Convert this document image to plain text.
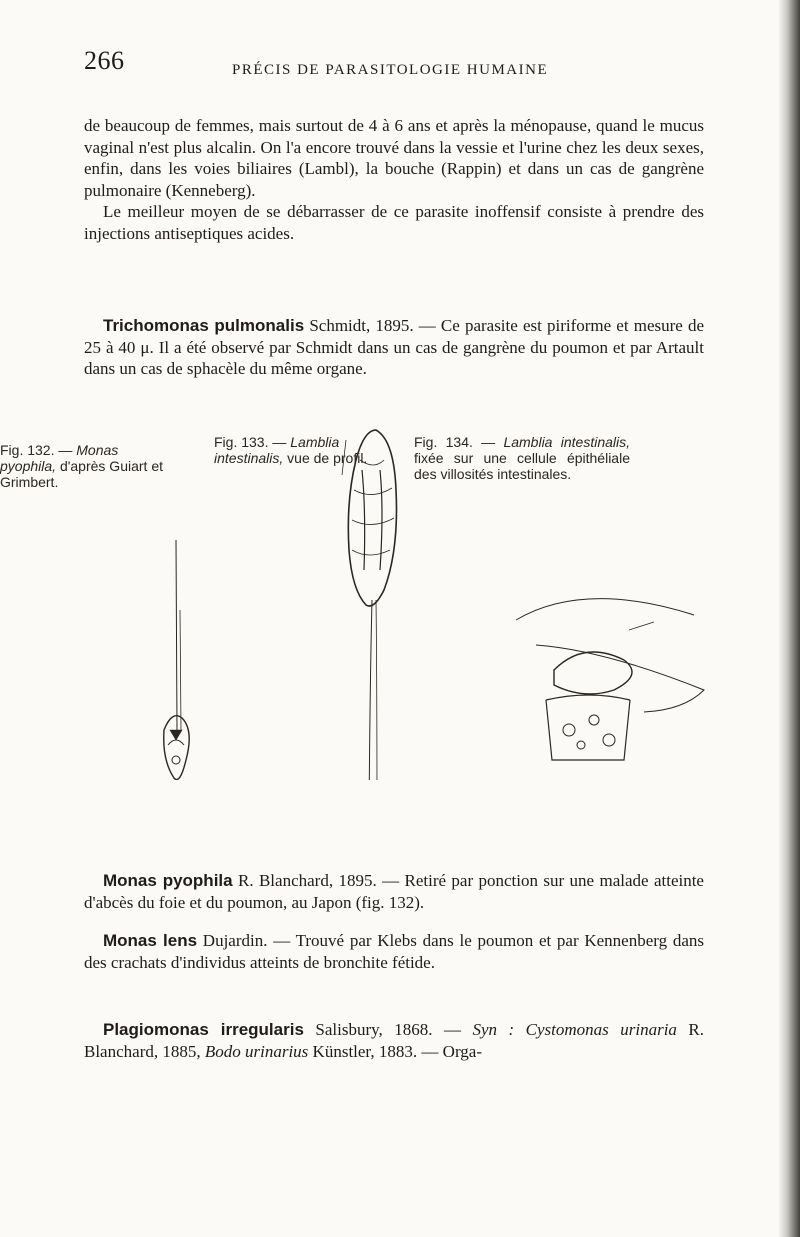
266	PRÉCIS DE PARASITOLOGIE HUMAINE

de beaucoup de femmes, mais surtout de 4 à 6 ans et après la ménopause, quand le mucus vaginal n'est plus alcalin. On l'a encore trouvé dans la vessie et l'urine chez les deux sexes, enfin, dans les voies biliaires (Lambl), la bouche (Rappin) et dans un cas de gangrène pulmonaire (Kenneberg).

Le meilleur moyen de se débarrasser de ce parasite inoffensif consiste à prendre des injections antiseptiques acides.

Trichomonas pulmonalis Schmidt, 1895. — Ce parasite est piriforme et mesure de 25 à 40 μ. Il a été observé par Schmidt dans un cas de gangrène du poumon et par Artault dans un cas de sphacèle du même organe.

Fig. 132. — Monas pyophila, d'après Guiart et Grimbert.
Fig. 133. — Lamblia intestinalis, vue de profil.
Fig. 134. — Lamblia intestinalis, fixée sur une cellule épithéliale des villosités intestinales.

Monas pyophila R. Blanchard, 1895. — Retiré par ponction sur une malade atteinte d'abcès du foie et du poumon, au Japon (fig. 132).

Monas lens Dujardin. — Trouvé par Klebs dans le poumon et par Kennenberg dans des crachats d'individus atteints de bronchite fétide.

Plagiomonas irregularis Salisbury, 1868. — Syn : Cystomonas urinaria R. Blanchard, 1885, Bodo urinarius Künstler, 1883. — Orga-
